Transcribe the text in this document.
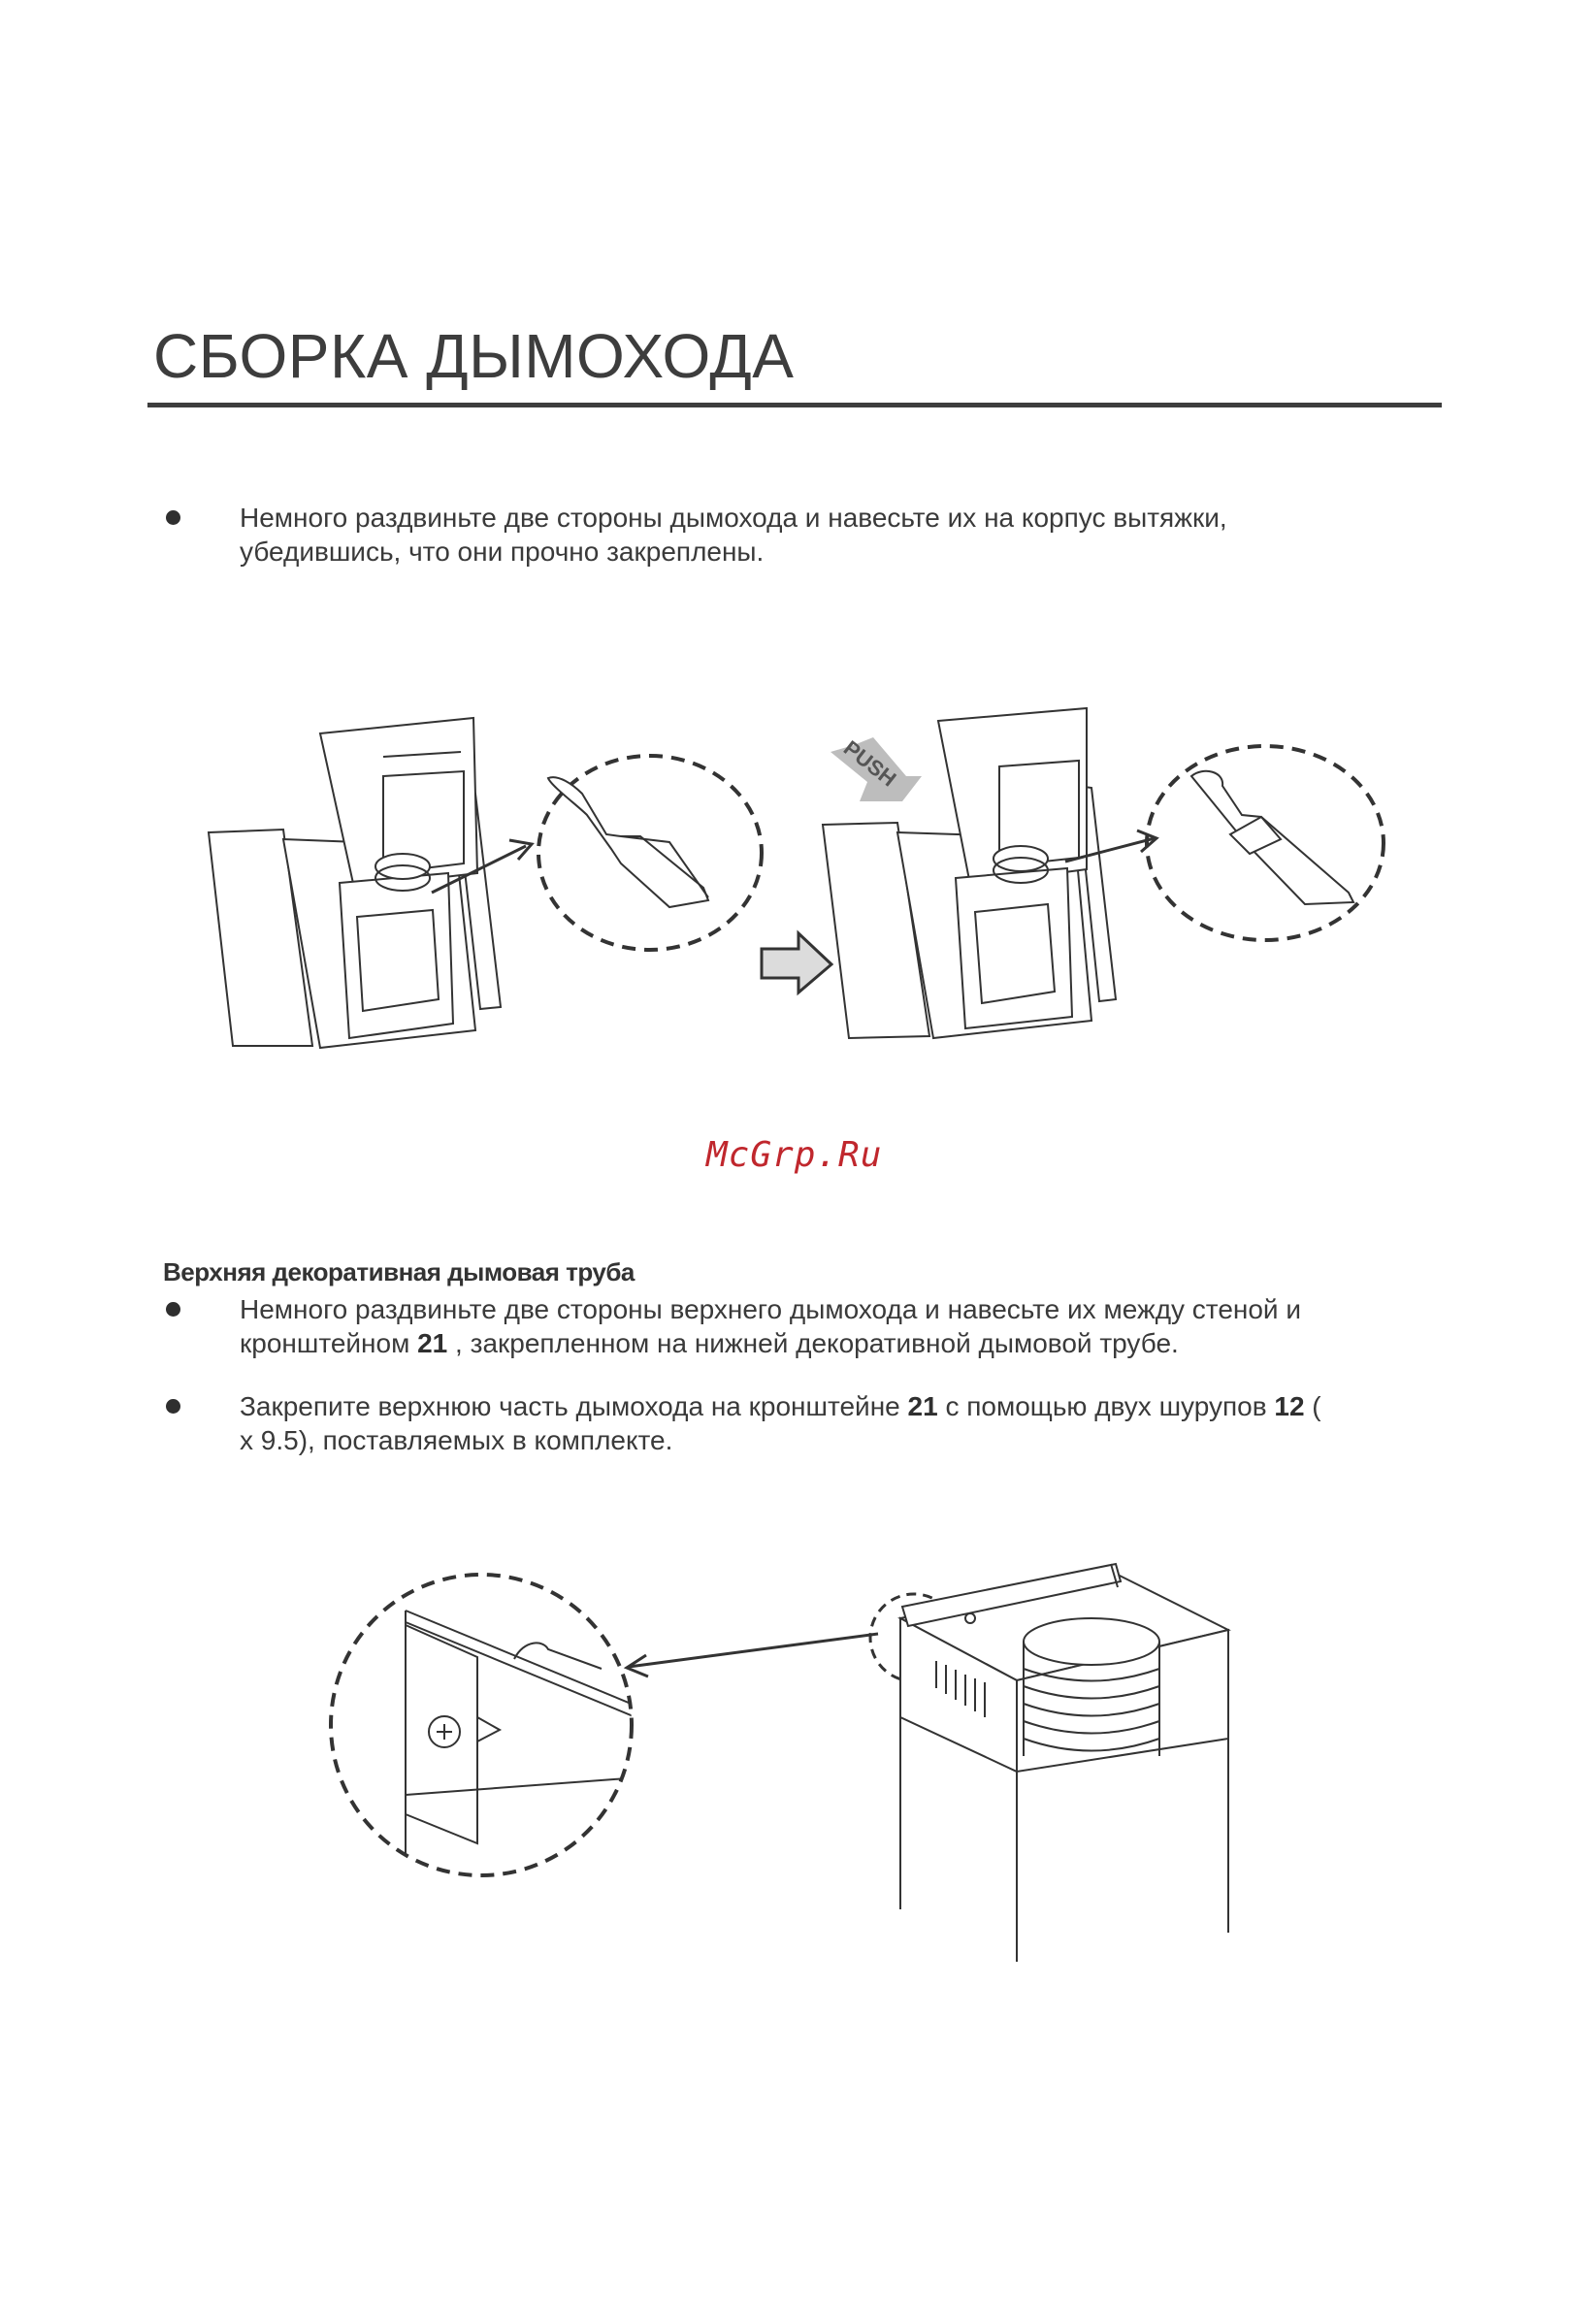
СБОРКА ДЫМОХОДА
Немного раздвиньте две стороны дымохода и навесьте их на корпус вытяжки,
убедившись, что они прочно закреплены.
PUSH
McGrp.Ru
Верхняя декоративная дымовая труба
Немного раздвиньте две стороны верхнего дымохода и навесьте их между стеной и
кронштейном 21 , закрепленном на нижней декоративной дымовой трубе.
Закрепите верхнюю часть дымохода на кронштейне 21 с помощью двух шурупов 12 (
x 9.5), поставляемых в комплекте.
